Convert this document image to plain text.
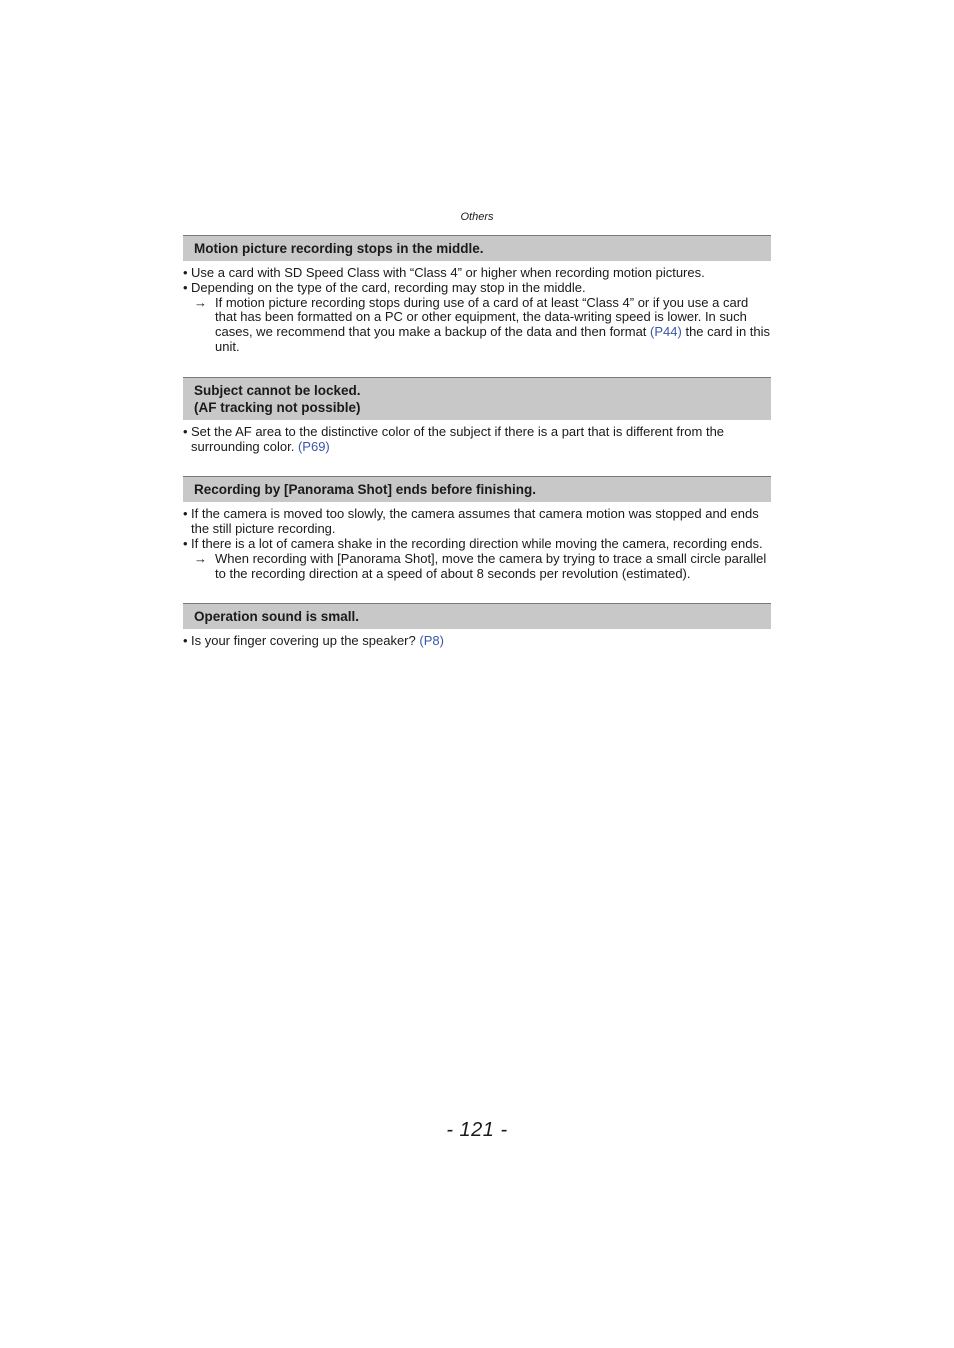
Others
Motion picture recording stops in the middle.
• Use a card with SD Speed Class with “Class 4” or higher when recording motion pictures.
• Depending on the type of the card, recording may stop in the middle.
→ If motion picture recording stops during use of a card of at least “Class 4” or if you use a card that has been formatted on a PC or other equipment, the data-writing speed is lower. In such cases, we recommend that you make a backup of the data and then format (P44) the card in this unit.
Subject cannot be locked.
(AF tracking not possible)
• Set the AF area to the distinctive color of the subject if there is a part that is different from the surrounding color. (P69)
Recording by [Panorama Shot] ends before finishing.
• If the camera is moved too slowly, the camera assumes that camera motion was stopped and ends the still picture recording.
• If there is a lot of camera shake in the recording direction while moving the camera, recording ends.
→ When recording with [Panorama Shot], move the camera by trying to trace a small circle parallel to the recording direction at a speed of about 8 seconds per revolution (estimated).
Operation sound is small.
• Is your finger covering up the speaker? (P8)
- 121 -
